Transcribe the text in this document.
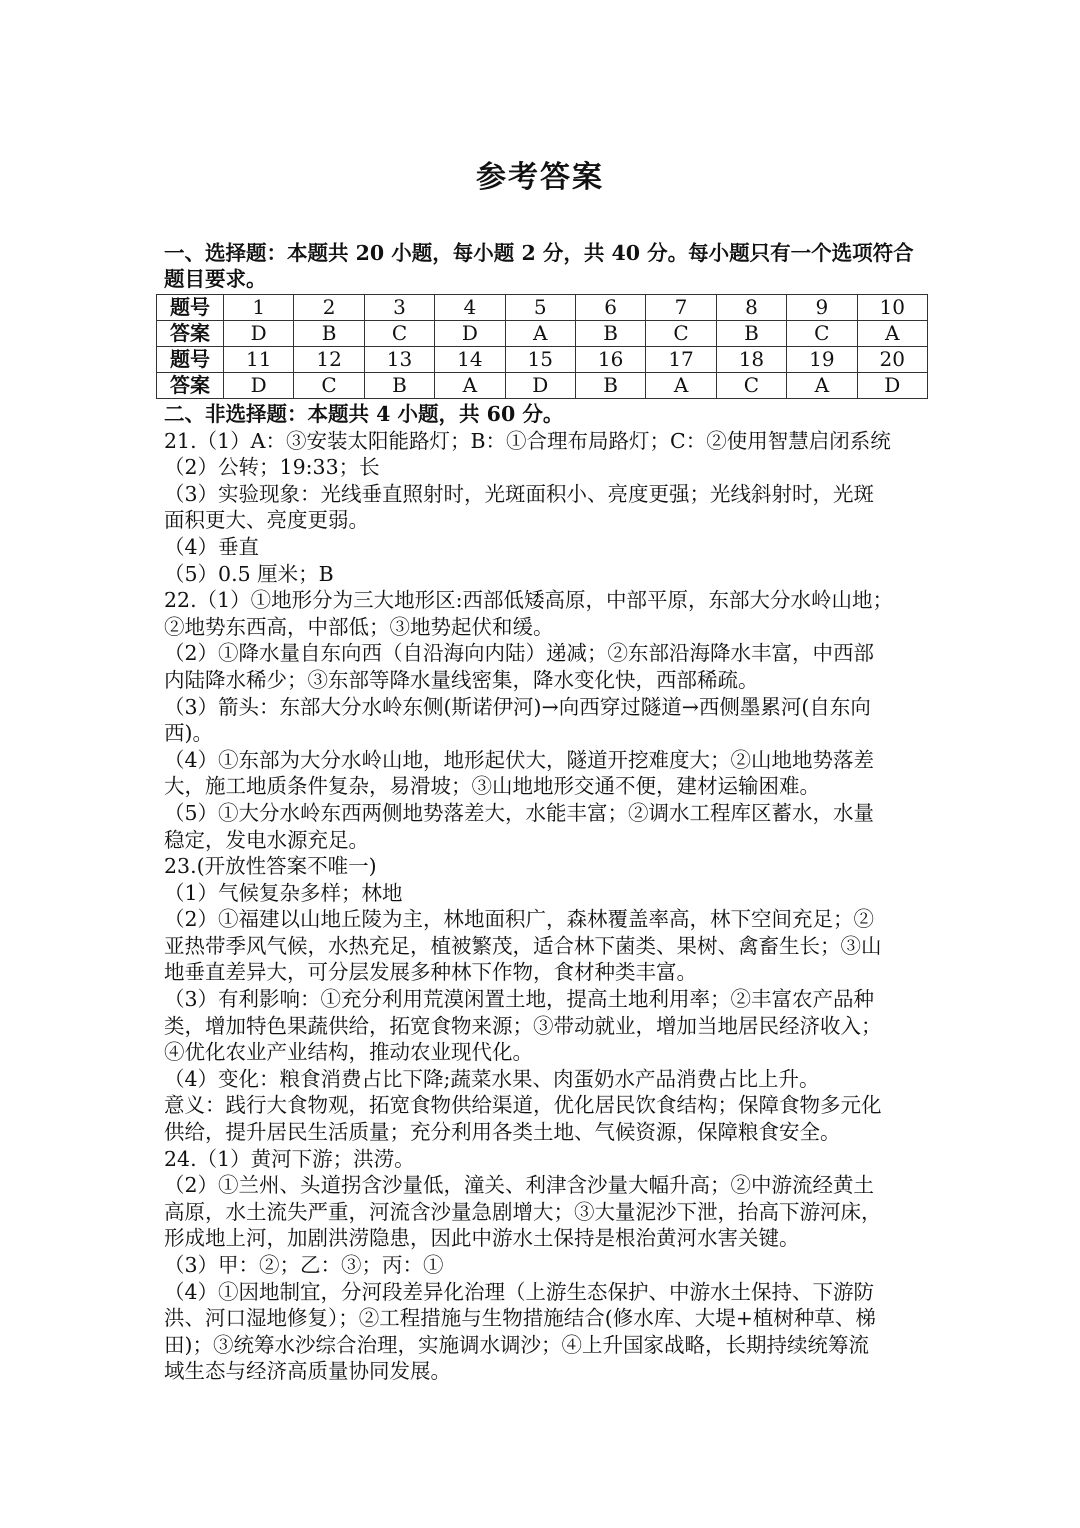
参考答案
一、选择题：本题共 20 小题，每小题 2 分，共 40 分。每小题只有一个选项符合题目要求。
题号	1	2	3	4	5	6	7	8	9	10
答案	D	B	C	D	A	B	C	B	C	A
题号	11	12	13	14	15	16	17	18	19	20
答案	D	C	B	A	D	B	A	C	A	D
二、非选择题：本题共 4 小题，共 60 分。
21.（1）A：③安装太阳能路灯；B：①合理布局路灯；C：②使用智慧启闭系统
（2）公转；19:33；长
（3）实验现象：光线垂直照射时，光斑面积小、亮度更强；光线斜射时，光斑
面积更大、亮度更弱。
（4）垂直
（5）0.5 厘米；B
22.（1）①地形分为三大地形区:西部低矮高原，中部平原，东部大分水岭山地；
②地势东西高，中部低；③地势起伏和缓。
（2）①降水量自东向西（自沿海向内陆）递减；②东部沿海降水丰富，中西部
内陆降水稀少；③东部等降水量线密集，降水变化快，西部稀疏。
（3）箭头：东部大分水岭东侧(斯诺伊河)→向西穿过隧道→西侧墨累河(自东向
西)。
（4）①东部为大分水岭山地，地形起伏大，隧道开挖难度大；②山地地势落差
大，施工地质条件复杂，易滑坡；③山地地形交通不便，建材运输困难。
（5）①大分水岭东西两侧地势落差大，水能丰富；②调水工程库区蓄水，水量
稳定，发电水源充足。
23.(开放性答案不唯一)
（1）气候复杂多样；林地
（2）①福建以山地丘陵为主，林地面积广，森林覆盖率高，林下空间充足；②
亚热带季风气候，水热充足，植被繁茂，适合林下菌类、果树、禽畜生长；③山
地垂直差异大，可分层发展多种林下作物，食材种类丰富。
（3）有利影响：①充分利用荒漠闲置土地，提高土地利用率；②丰富农产品种
类，增加特色果蔬供给，拓宽食物来源；③带动就业，增加当地居民经济收入；
④优化农业产业结构，推动农业现代化。
（4）变化：粮食消费占比下降;蔬菜水果、肉蛋奶水产品消费占比上升。
意义：践行大食物观，拓宽食物供给渠道，优化居民饮食结构；保障食物多元化
供给，提升居民生活质量；充分利用各类土地、气候资源，保障粮食安全。
24.（1）黄河下游；洪涝。
（2）①兰州、头道拐含沙量低，潼关、利津含沙量大幅升高；②中游流经黄土
高原，水土流失严重，河流含沙量急剧增大；③大量泥沙下泄，抬高下游河床，
形成地上河，加剧洪涝隐患，因此中游水土保持是根治黄河水害关键。
（3）甲：②；乙：③；丙：①
（4）①因地制宜，分河段差异化治理（上游生态保护、中游水土保持、下游防
洪、河口湿地修复）；②工程措施与生物措施结合(修水库、大堤+植树种草、梯
田)；③统筹水沙综合治理，实施调水调沙；④上升国家战略，长期持续统筹流
域生态与经济高质量协同发展。
